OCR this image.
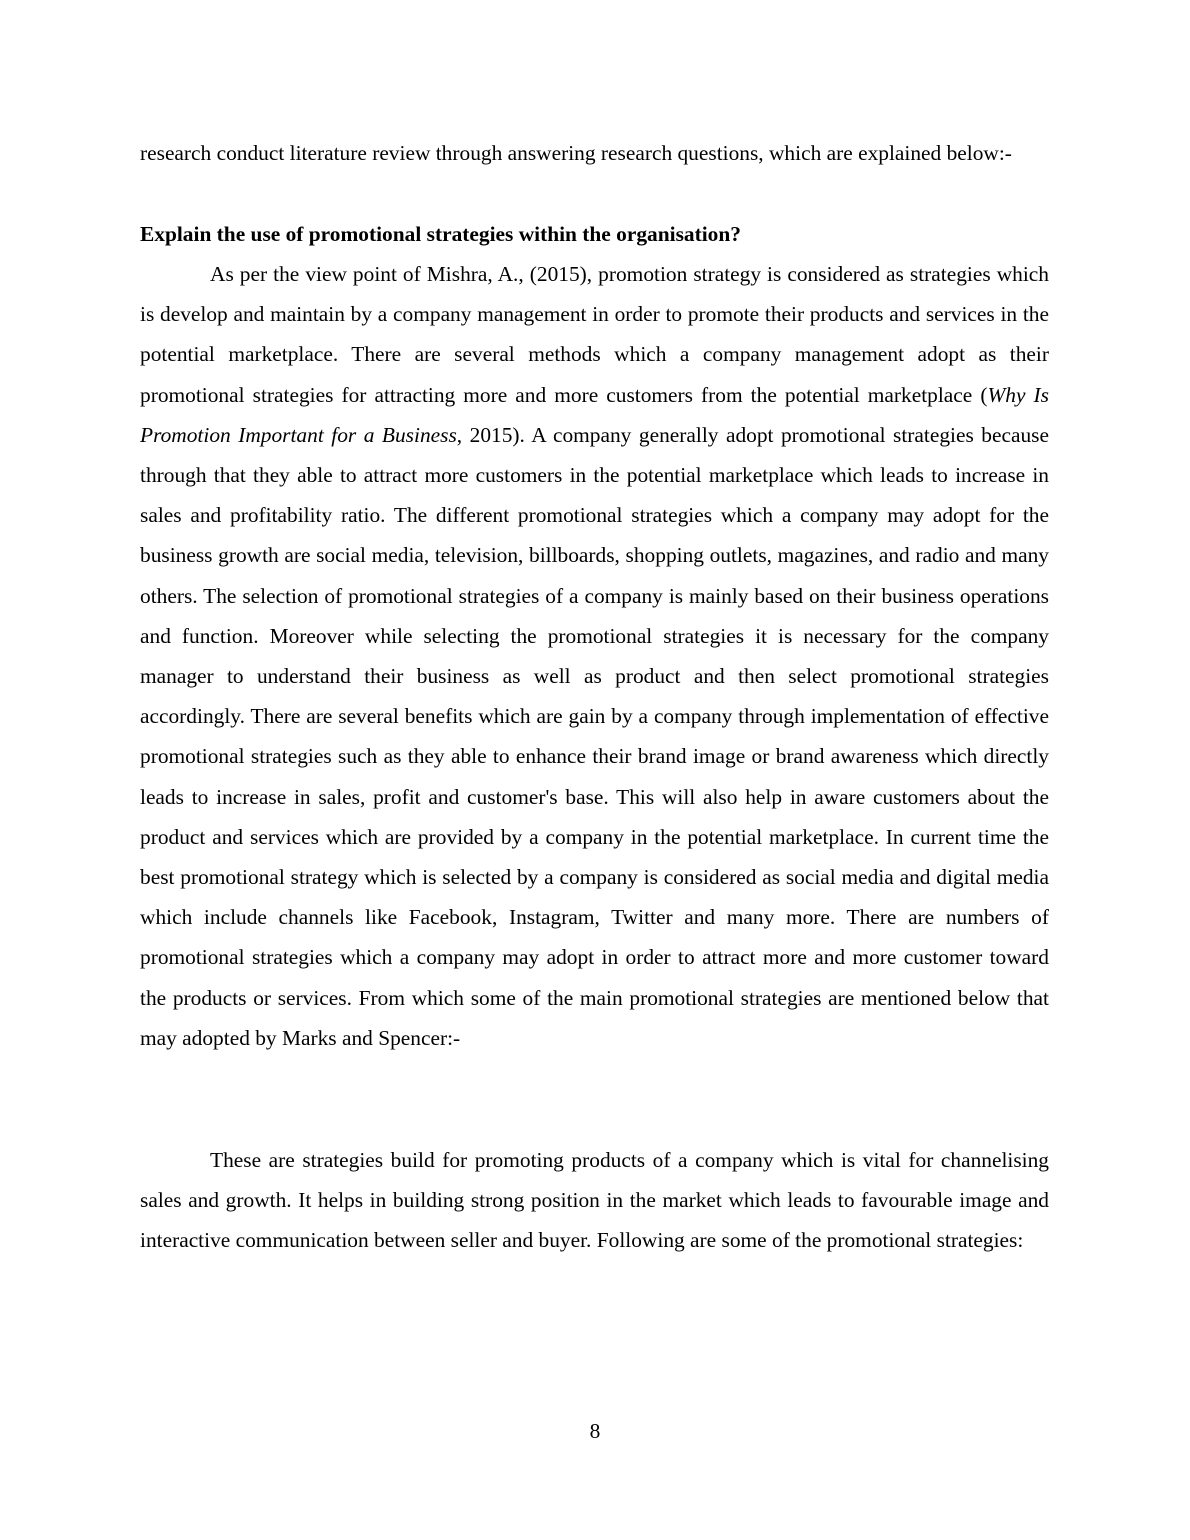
research conduct literature review through answering research questions, which are explained below:-

Explain the use of promotional strategies within the organisation?

As per the view point of Mishra, A., (2015), promotion strategy is considered as strategies which is develop and maintain by a company management in order to promote their products and services in the potential marketplace. There are several methods which a company management adopt as their promotional strategies for attracting more and more customers from the potential marketplace (Why Is Promotion Important for a Business, 2015). A company generally adopt promotional strategies because through that they able to attract more customers in the potential marketplace which leads to increase in sales and profitability ratio. The different promotional strategies which a company may adopt for the business growth are social media, television, billboards, shopping outlets, magazines, and radio and many others. The selection of promotional strategies of a company is mainly based on their business operations and function. Moreover while selecting the promotional strategies it is necessary for the company manager to understand their business as well as product and then select promotional strategies accordingly. There are several benefits which are gain by a company through implementation of effective promotional strategies such as they able to enhance their brand image or brand awareness which directly leads to increase in sales, profit and customer's base. This will also help in aware customers about the product and services which are provided by a company in the potential marketplace. In current time the best promotional strategy which is selected by a company is considered as social media and digital media which include channels like Facebook, Instagram, Twitter and many more. There are numbers of promotional strategies which a company may adopt in order to attract more and more customer toward the products or services. From which some of the main promotional strategies are mentioned below that may adopted by Marks and Spencer:-

These are strategies build for promoting products of a company which is vital for channelising sales and growth. It helps in building strong position in the market which leads to favourable image and interactive communication between seller and buyer. Following are some of the promotional strategies:

8
